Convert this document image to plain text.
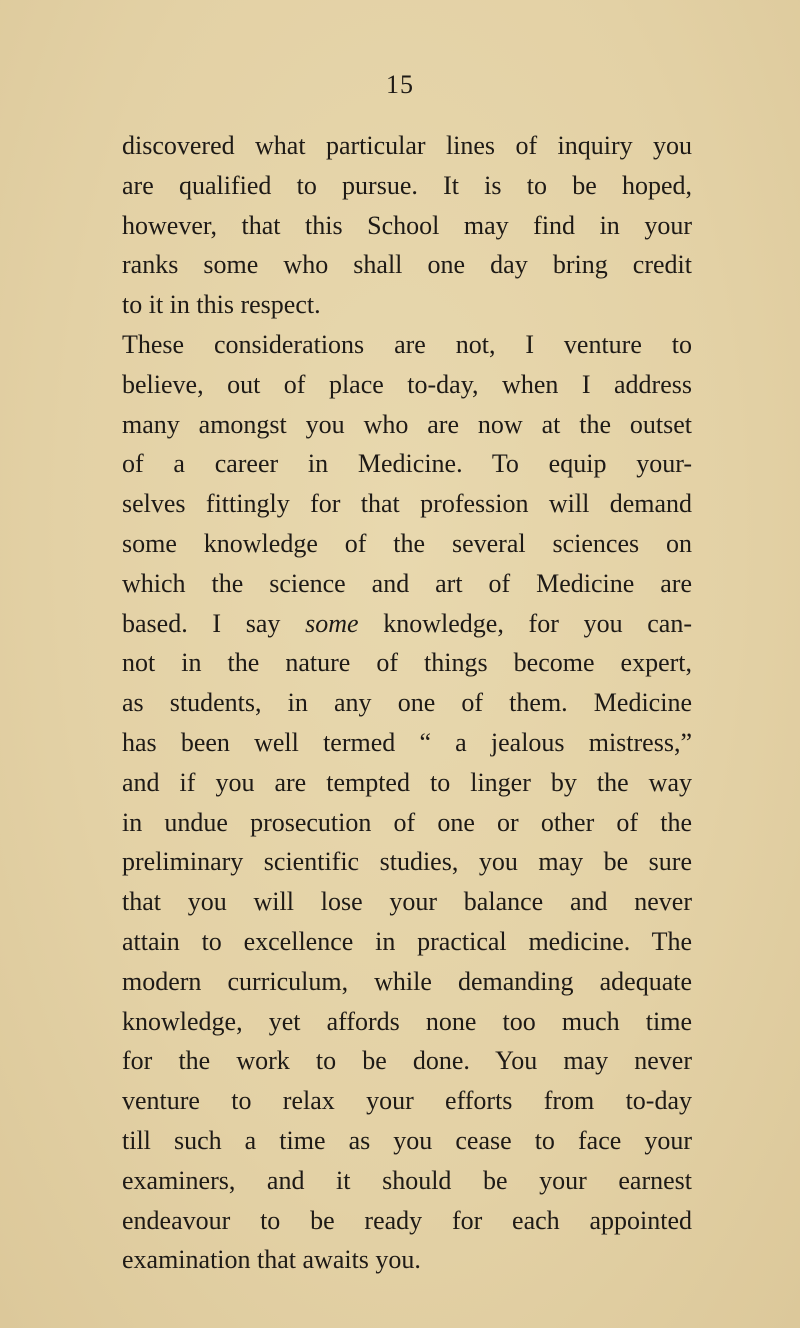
15
discovered what particular lines of inquiry you
are qualified to pursue. It is to be hoped,
however, that this School may find in your
ranks some who shall one day bring credit
to it in this respect.
These considerations are not, I venture to
believe, out of place to-day, when I address
many amongst you who are now at the outset
of a career in Medicine. To equip your-
selves fittingly for that profession will demand
some knowledge of the several sciences on
which the science and art of Medicine are
based. I say some knowledge, for you can-
not in the nature of things become expert,
as students, in any one of them. Medicine
has been well termed “ a jealous mistress,”
and if you are tempted to linger by the way
in undue prosecution of one or other of the
preliminary scientific studies, you may be sure
that you will lose your balance and never
attain to excellence in practical medicine. The
modern curriculum, while demanding adequate
knowledge, yet affords none too much time
for the work to be done. You may never
venture to relax your efforts from to-day
till such a time as you cease to face your
examiners, and it should be your earnest
endeavour to be ready for each appointed
examination that awaits you.
